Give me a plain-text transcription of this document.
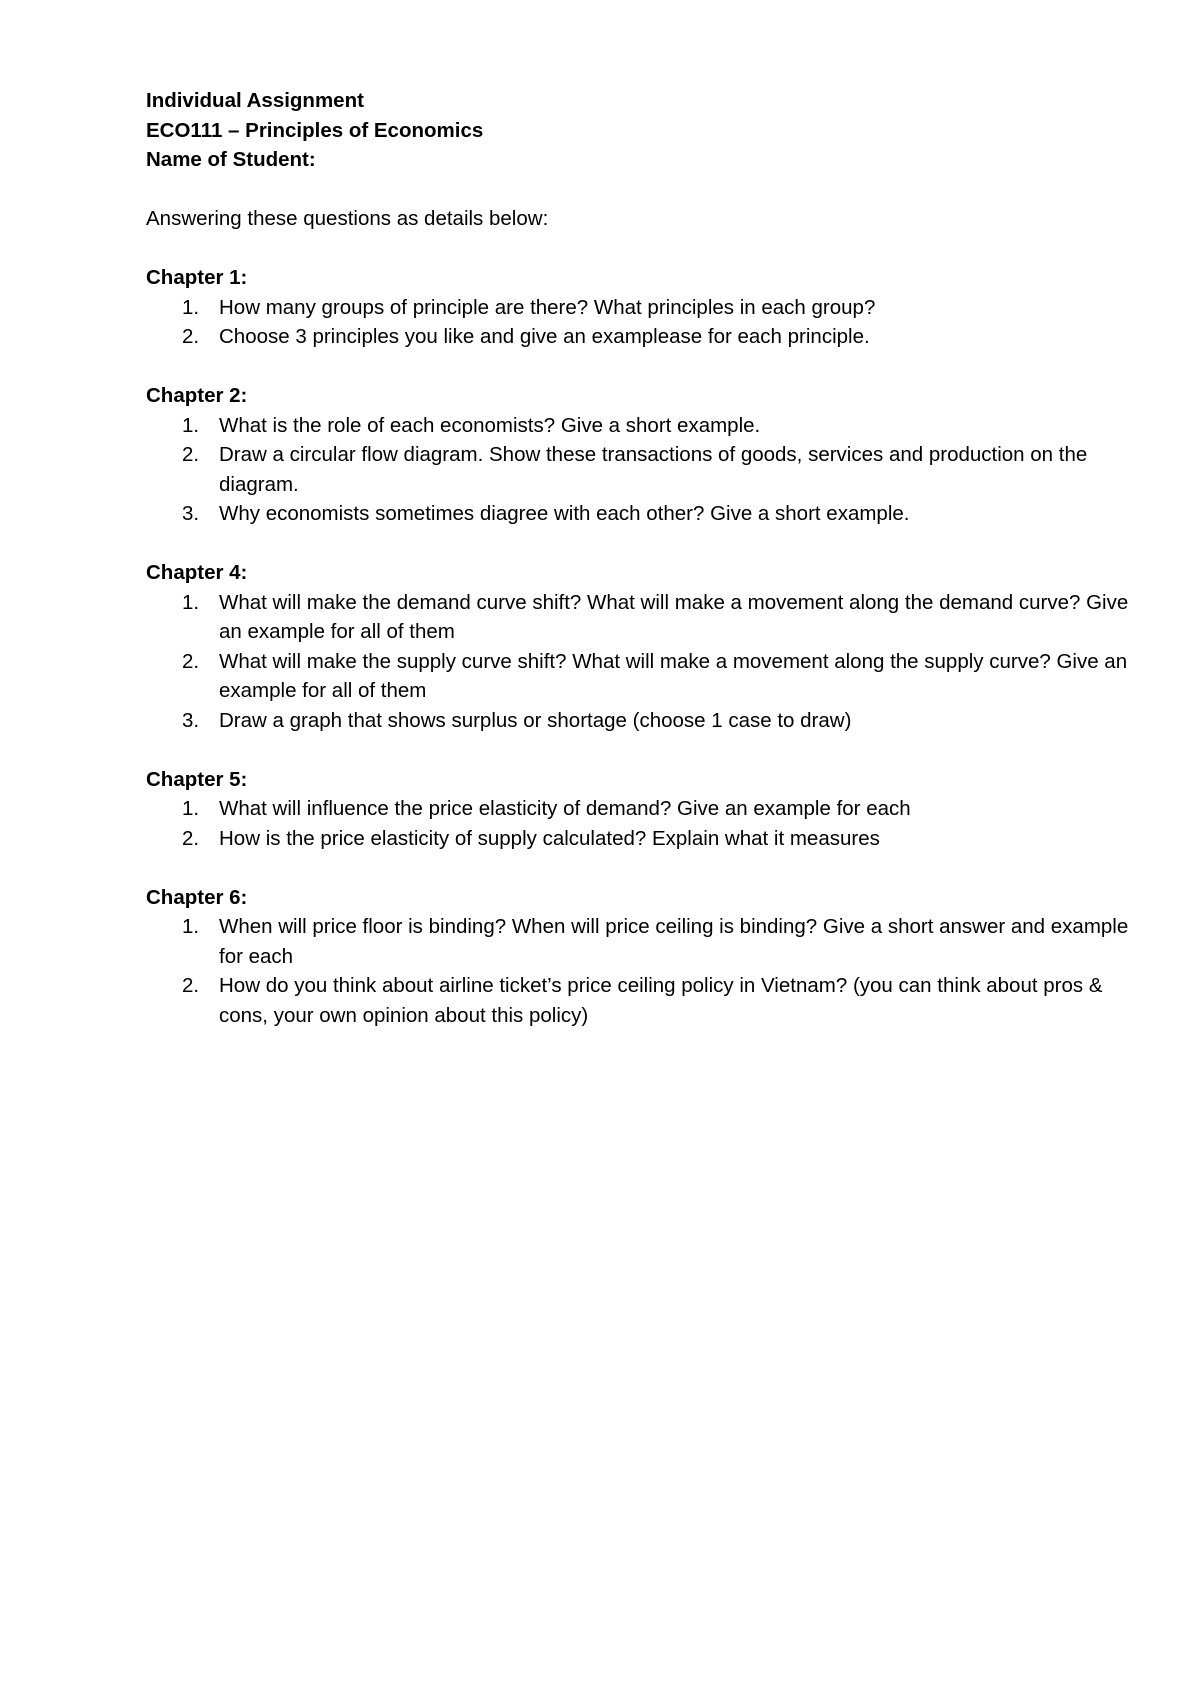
Individual Assignment

ECO111 – Principles of Economics

Name of Student:

Answering these questions as details below:

Chapter 1:

1. How many groups of principle are there? What principles in each group?
2. Choose 3 principles you like and give an examplease for each principle.

Chapter 2:

1. What is the role of each economists? Give a short example.
2. Draw a circular flow diagram. Show these transactions of goods, services and production on the diagram.
3. Why economists sometimes diagree with each other? Give a short example.

Chapter 4:

1. What will make the demand curve shift? What will make a movement along the demand curve? Give an example for all of them
2. What will make the supply curve shift? What will make a movement along the supply curve? Give an example for all of them
3. Draw a graph that shows surplus or shortage (choose 1 case to draw)

Chapter 5:

1. What will influence the price elasticity of demand? Give an example for each
2. How is the price elasticity of supply calculated? Explain what it measures

Chapter 6:

1. When will price floor is binding? When will price ceiling is binding? Give a short answer and example for each
2. How do you think about airline ticket’s price ceiling policy in Vietnam? (you can think about pros & cons, your own opinion about this policy)
